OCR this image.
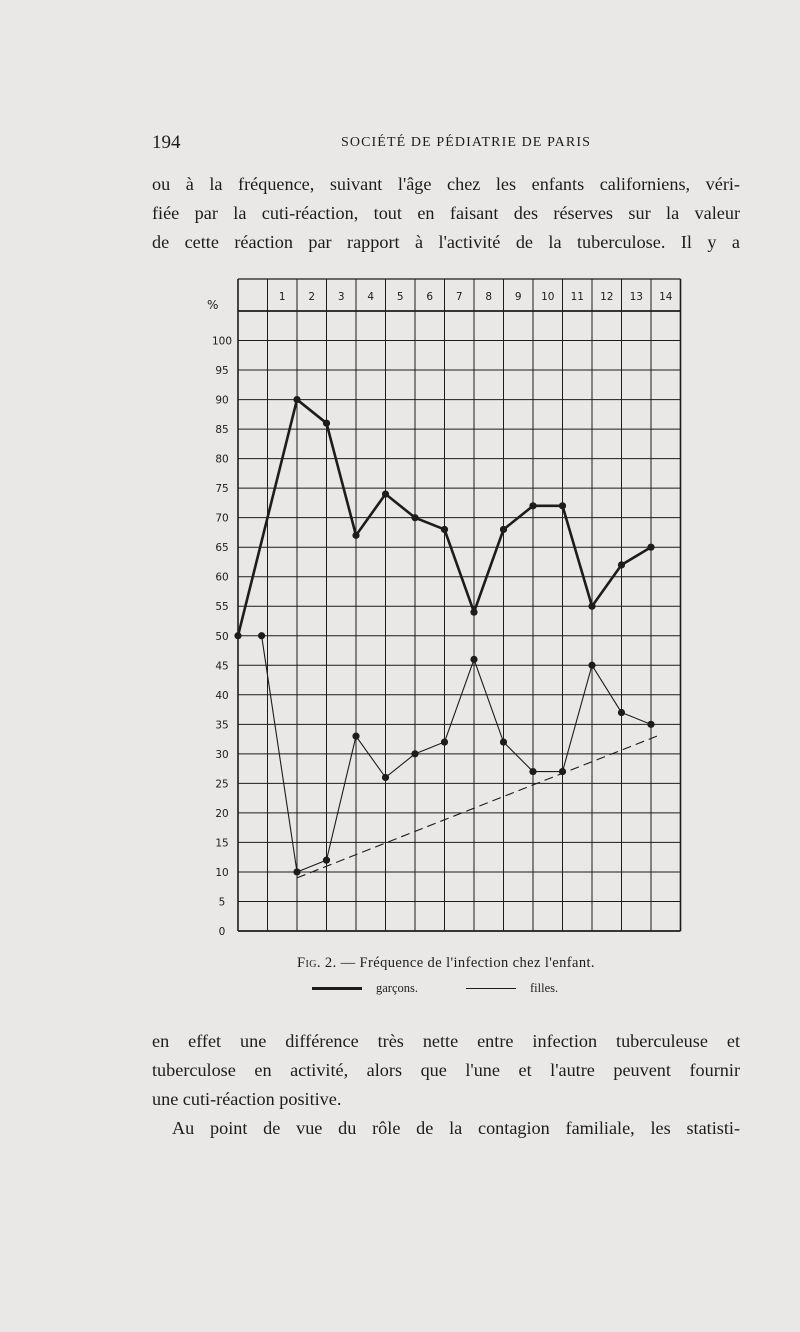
194	SOCIÉTÉ DE PÉDIATRIE DE PARIS
ou à la fréquence, suivant l'âge chez les enfants californiens, véri-
fiée par la cuti-réaction, tout en faisant des réserves sur la valeur
de cette réaction par rapport à l'activité de la tuberculose. Il y a
%
100
95
90
85
80
75
70
65
60
55
50
45
40
35
30
25
20
15
10
5
0
1 2 3 4 5 6 7 8 9 10 11 12 13 14
Fig. 2. — Fréquence de l'infection chez l'enfant.
garçons.	filles.
en effet une différence très nette entre infection tuberculeuse et
tuberculose en activité, alors que l'une et l'autre peuvent fournir
une cuti-réaction positive.
Au point de vue du rôle de la contagion familiale, les statisti-
